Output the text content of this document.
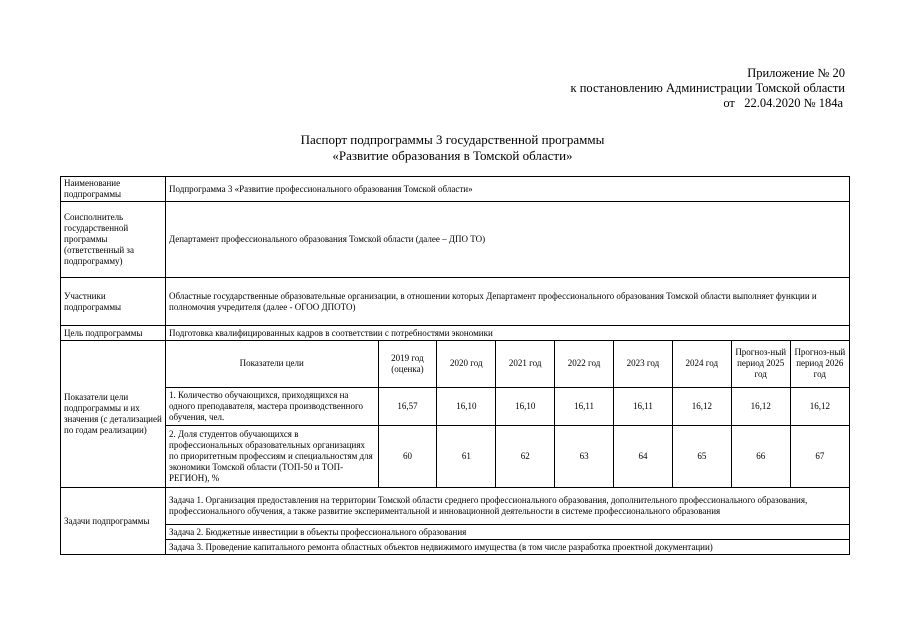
Приложение № 20
к постановлению Администрации Томской области
от   22.04.2020 № 184а
Паспорт подпрограммы 3 государственной программы
«Развитие образования в Томской области»
Наименование подпрограммы	Подпрограмма 3 «Развитие профессионального образования Томской области»
Соисполнитель государственной программы (ответственный за подпрограмму)	Департамент профессионального образования Томской области (далее – ДПО ТО)
Участники подпрограммы	Областные государственные образовательные организации, в отношении которых Департамент профессионального образования Томской области выполняет функции и полномочия учредителя (далее - ОГОО ДПОТО)
Цель подпрограммы	Подготовка квалифицированных кадров в соответствии с потребностями экономики
Показатели цели подпрограммы и их значения (с детализацией по годам реализации)	
Показатели цели	2019 год (оценка)	2020 год	2021 год	2022 год	2023 год	2024 год	Прогноз-ный период 2025 год	Прогноз-ный период 2026 год
1. Количество обучающихся, приходящихся на одного преподавателя, мастера производственного обучения, чел.	16,57	16,10	16,10	16,11	16,11	16,12	16,12	16,12
2. Доля студентов обучающихся в профессиональных образовательных организациях по приоритетным профессиям и специальностям для экономики Томской области (ТОП-50 и ТОП-РЕГИОН), %	60	61	62	63	64	65	66	67

Задачи подпрограммы	Задача 1. Организация предоставления на территории Томской области среднего профессионального образования, дополнительного профессионального образования, профессионального обучения, а также развитие экспериментальной и инновационной деятельности в системе профессионального образования
Задача 2. Бюджетные инвестиции в объекты профессионального образования
Задача 3. Проведение капитального ремонта областных объектов недвижимого имущества (в том числе разработка проектной документации)
